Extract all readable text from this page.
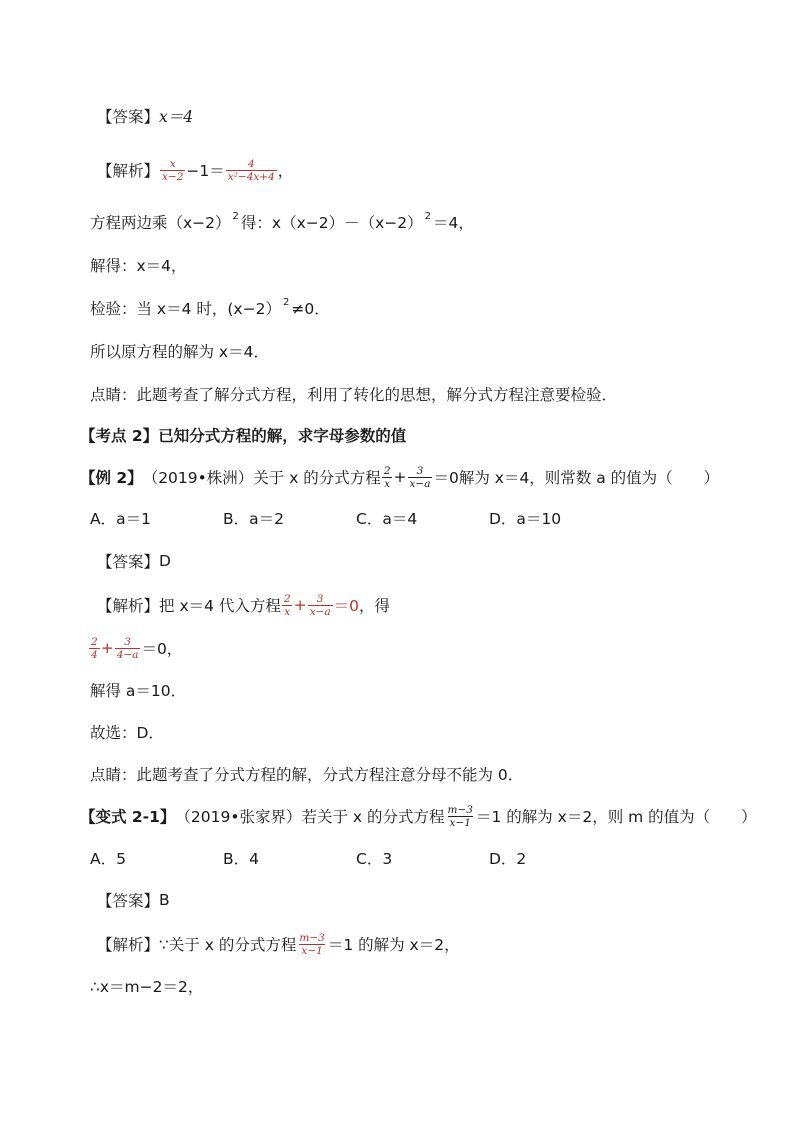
【答案】 x＝4
【解析】 $\frac{x}{x-2} -1= \frac{4}{\text{x²−4x+4}}$ ，
方程两边乘（x−2） 2 得：x（x−2）－（x−2） 2 ＝4，
解得：x＝4，
检验：当 x＝4 时，(x−2） 2 ≠0．
所以原方程的解为 x＝4．
点睛：此题考查了解分式方程，利用了转化的思想，解分式方程注意要检验．
【考点 2】 已知分式方程的解，求字母参数的值
【例 2】 （2019•株洲）关于 x 的分式方程 $\frac{2}{x} + \frac{3}{x-a} =0$解为 x＝4，则常数 a 的值为（　　）
A．a＝1	B．a＝2	C．a＝4	D．a＝10
【答案】 D
【解析】 把 x＝4 代入方程 $\frac{2}{x} + \frac{3}{x-a} =0$ ，得
$\frac{2}{4} + \frac{3}{4-a} =0$，
解得 a＝10．
故选：D．
点睛：此题考查了分式方程的解，分式方程注意分母不能为 0．
【变式 2-1】 （2019•张家界）若关于 x 的分式方程 $\frac{m-3}{x-1} =1$ 的解为 x＝2，则 m 的值为（　　）
A．5	B．4	C．3	D．2
【答案】 B
【解析】 ∵关于 x 的分式方程 $\frac{m-3}{x-1} =1$ 的解为 x＝2，
∴x＝m−2＝2，
